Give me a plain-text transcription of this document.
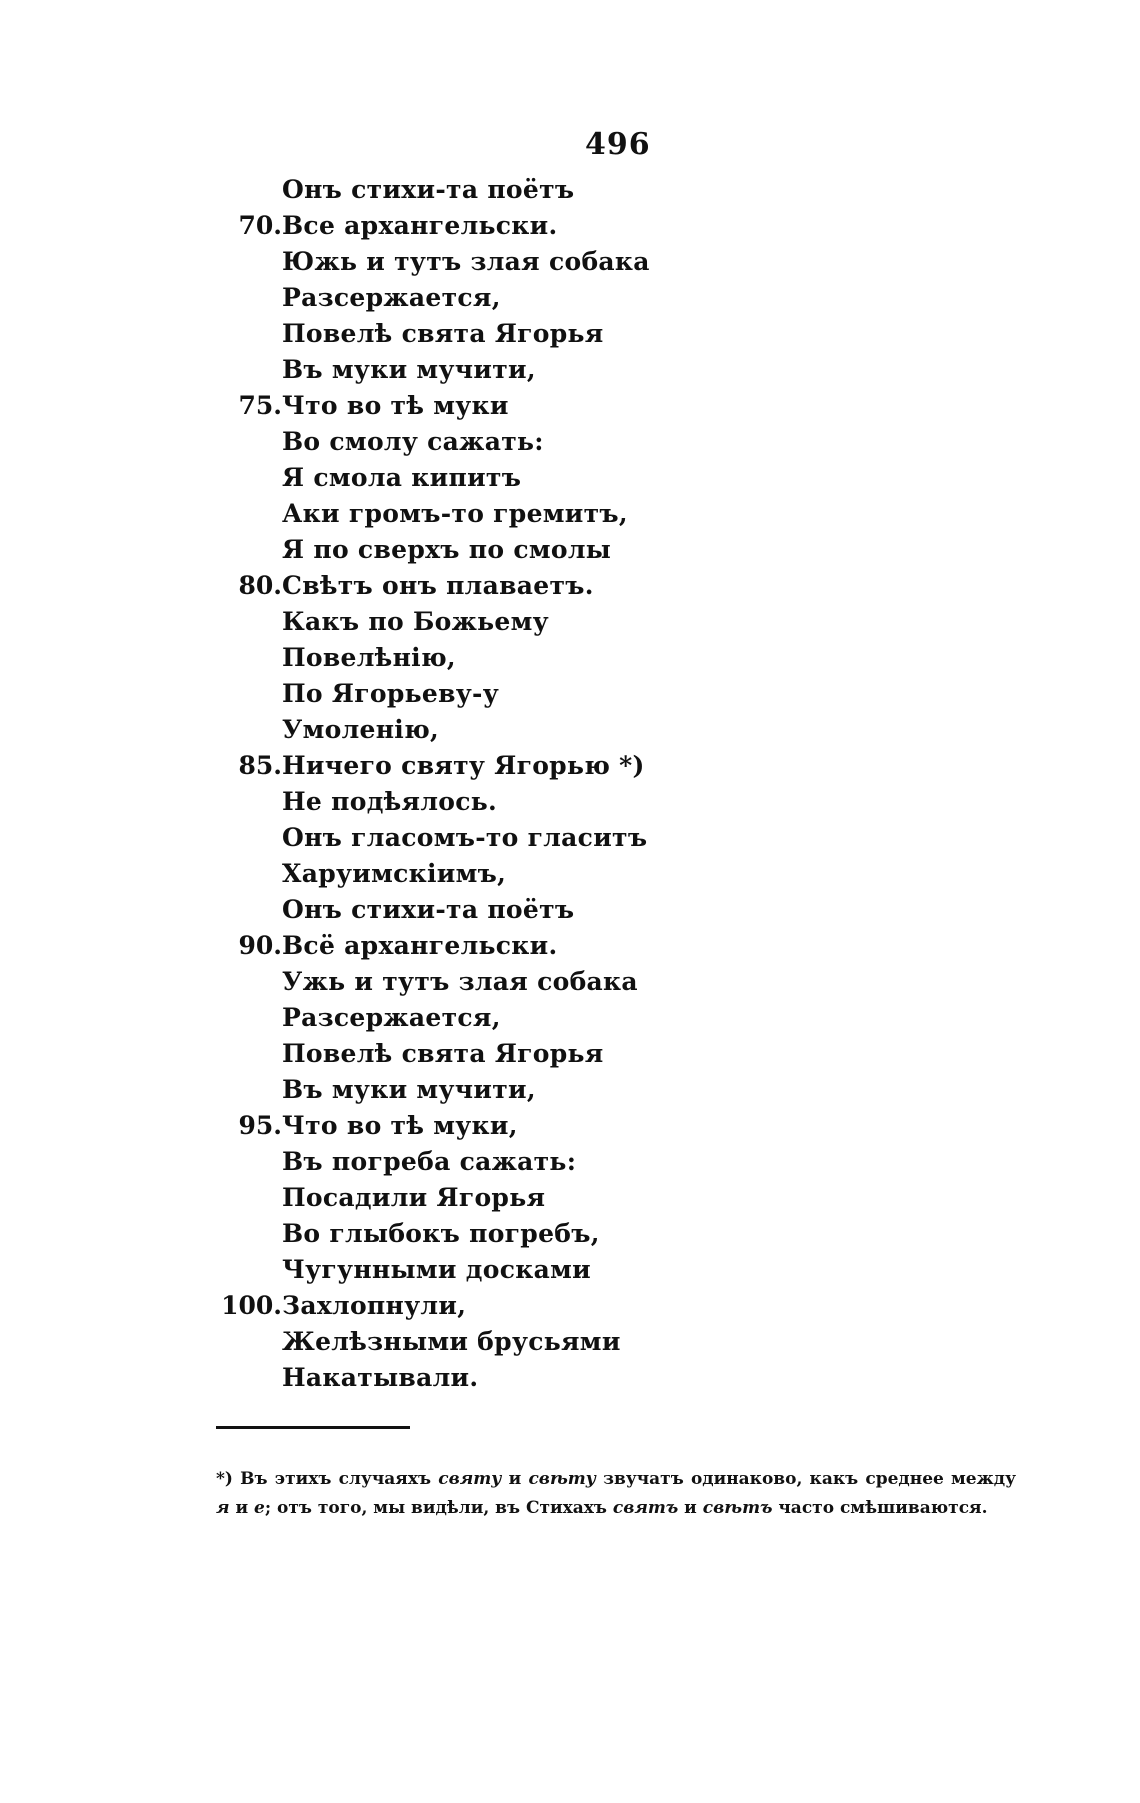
496
Онъ стихи-та поётъ
70. Все архангельски.
Южь и тутъ злая собака
Разсержается,
Повелѣ свята Ягорья
Въ муки мучити,
75. Что во тѣ муки
Во смолу сажать:
Я смола кипитъ
Аки громъ-то гремитъ,
Я по сверхъ по смолы
80. Свѣтъ онъ плаваетъ.
Какъ по Божьему
Повелѣнію,
По Ягорьеву-у
Умоленію,
85. Ничего святу Ягорью *)
Не подѣялось.
Онъ гласомъ-то гласитъ
Харуимскіимъ,
Онъ стихи-та поётъ
90. Всё архангельски.
Ужь и тутъ злая собака
Разсержается,
Повелѣ свята Ягорья
Въ муки мучити,
95. Что во тѣ муки,
Въ погреба сажать:
Посадили Ягорья
Во глыбокъ погребъ,
Чугунными досками
100. Захлопнули,
Желѣзными брусьями
Накатывали.
*) Въ этихъ случаяхъ святу и свѣту звучатъ одинаково, какъ среднее между я и е; отъ того, мы видѣли, въ Стихахъ святъ и свѣтъ часто смѣшиваются.
